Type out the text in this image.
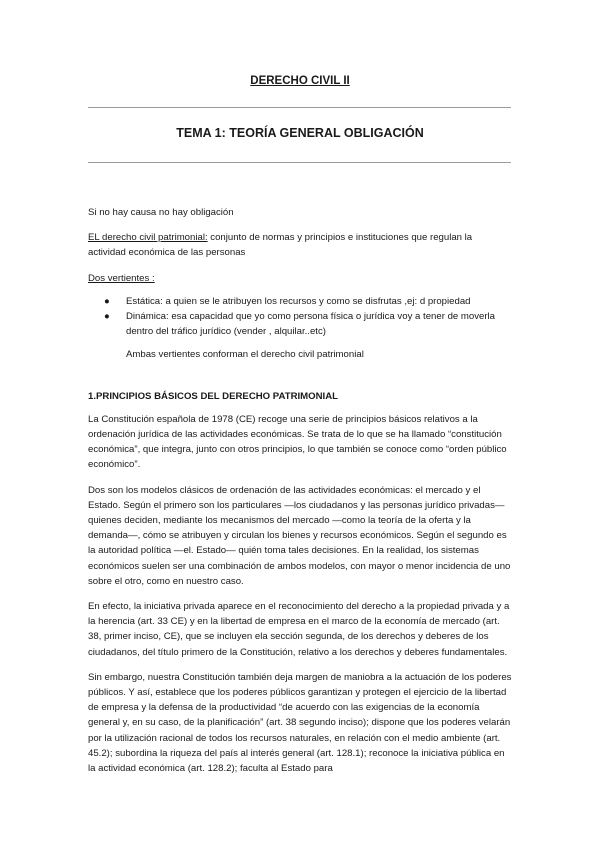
DERECHO CIVIL II
TEMA 1: TEORÍA GENERAL OBLIGACIÓN

Si no hay causa no hay obligación

EL derecho civil patrimonial: conjunto de normas y principios e instituciones que regulan la actividad económica de las personas

Dos vertientes :

● Estática: a quien se le atribuyen los recursos y como se disfrutas ,ej: d propiedad
● Dinámica: esa capacidad que yo como persona física o jurídica voy a tener de moverla dentro del tráfico jurídico (vender , alquilar..etc)

Ambas vertientes conforman el derecho civil patrimonial

1.PRINCIPIOS BÁSICOS DEL DERECHO PATRIMONIAL

La Constitución española de 1978 (CE) recoge una serie de principios básicos relativos a la ordenación jurídica de las actividades económicas. Se trata de lo que se ha llamado “constitución económica”, que integra, junto con otros principios, lo que también se conoce como “orden público económico”.

Dos son los modelos clásicos de ordenación de las actividades económicas: el mercado y el Estado. Según el primero son los particulares —los ciudadanos y las personas jurídico privadas— quienes deciden, mediante los mecanismos del mercado —como la teoría de la oferta y la demanda—, cómo se atribuyen y circulan los bienes y recursos económicos. Según el segundo es la autoridad política —el. Estado— quién toma tales decisiones. En la realidad, los sistemas económicos suelen ser una combinación de ambos modelos, con mayor o menor incidencia de uno sobre el otro, como en nuestro caso.

En efecto, la iniciativa privada aparece en el reconocimiento del derecho a la propiedad privada y a la herencia (art. 33 CE) y en la libertad de empresa en el marco de la economía de mercado (art. 38, primer inciso, CE), que se incluyen ela sección segunda, de los derechos y deberes de los ciudadanos, del título primero de la Constitución, relativo a los derechos y deberes fundamentales.

Sin embargo, nuestra Constitución también deja margen de maniobra a la actuación de los poderes públicos. Y así, establece que los poderes públicos garantizan y protegen el ejercicio de la libertad de empresa y la defensa de la productividad “de acuerdo con las exigencias de la economía general y, en su caso, de la planificación” (art. 38 segundo inciso); dispone que los poderes velarán por la utilización racional de todos los recursos naturales, en relación con el medio ambiente (art. 45.2); subordina la riqueza del país al interés general (art. 128.1); reconoce la iniciativa pública en la actividad económica (art. 128.2); faculta al Estado para
